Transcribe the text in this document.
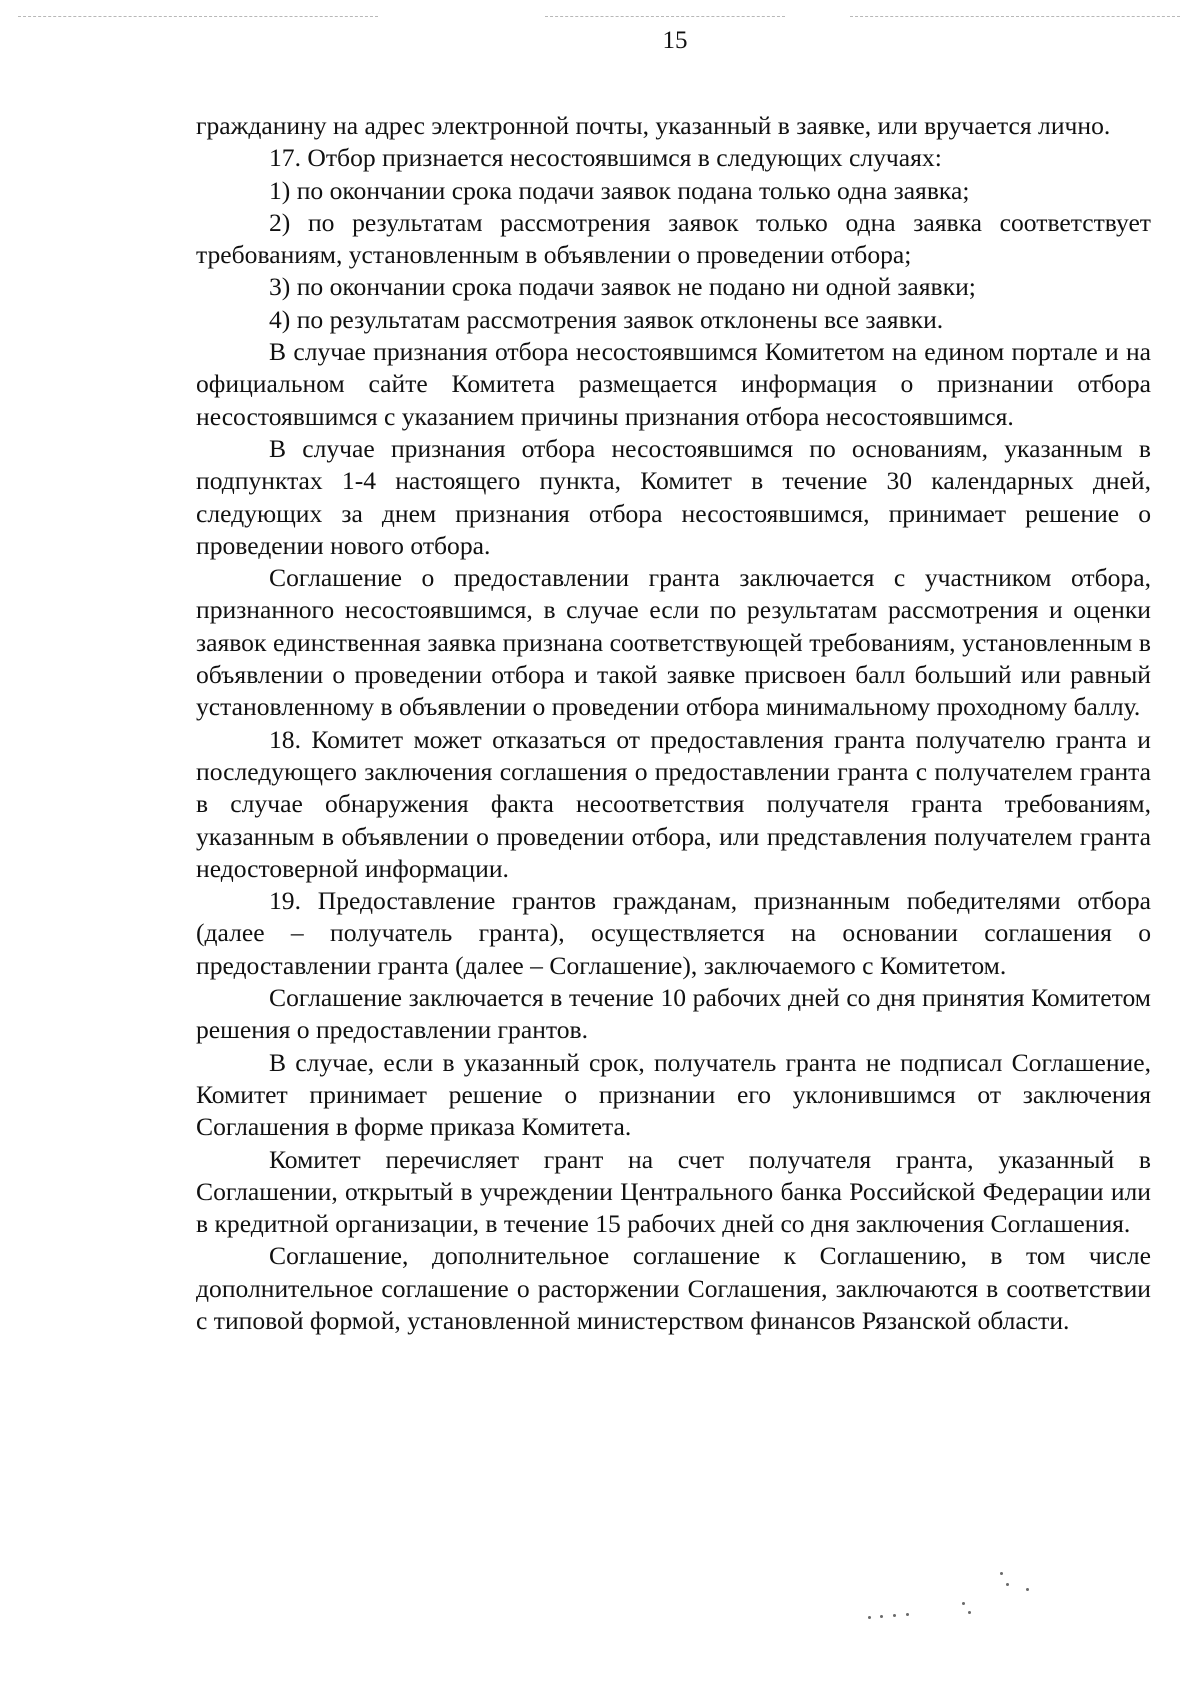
15

гражданину на адрес электронной почты, указанный в заявке, или вручается лично.

17. Отбор признается несостоявшимся в следующих случаях:

1) по окончании срока подачи заявок подана только одна заявка;

2) по результатам рассмотрения заявок только одна заявка соответствует требованиям, установленным в объявлении о проведении отбора;

3) по окончании срока подачи заявок не подано ни одной заявки;

4) по результатам рассмотрения заявок отклонены все заявки.

В случае признания отбора несостоявшимся Комитетом на едином портале и на официальном сайте Комитета размещается информация о признании отбора несостоявшимся с указанием причины признания отбора несостоявшимся.

В случае признания отбора несостоявшимся по основаниям, указанным в подпунктах 1-4 настоящего пункта, Комитет в течение 30 календарных дней, следующих за днем признания отбора несостоявшимся, принимает решение о проведении нового отбора.

Соглашение о предоставлении гранта заключается с участником отбора, признанного несостоявшимся, в случае если по результатам рассмотрения и оценки заявок единственная заявка признана соответствующей требованиям, установленным в объявлении о проведении отбора и такой заявке присвоен балл больший или равный установленному в объявлении о проведении отбора минимальному проходному баллу.

18. Комитет может отказаться от предоставления гранта получателю гранта и последующего заключения соглашения о предоставлении гранта с получателем гранта в случае обнаружения факта несоответствия получателя гранта требованиям, указанным в объявлении о проведении отбора, или представления получателем гранта недостоверной информации.

19. Предоставление грантов гражданам, признанным победителями отбора (далее – получатель гранта), осуществляется на основании соглашения о предоставлении гранта (далее – Соглашение), заключаемого с Комитетом.

Соглашение заключается в течение 10 рабочих дней со дня принятия Комитетом решения о предоставлении грантов.

В случае, если в указанный срок, получатель гранта не подписал Соглашение, Комитет принимает решение о признании его уклонившимся от заключения Соглашения в форме приказа Комитета.

Комитет перечисляет грант на счет получателя гранта, указанный в Соглашении, открытый в учреждении Центрального банка Российской Федерации или в кредитной организации, в течение 15 рабочих дней со дня заключения Соглашения.

Соглашение, дополнительное соглашение к Соглашению, в том числе дополнительное соглашение о расторжении Соглашения, заключаются в соответствии с типовой формой, установленной министерством финансов Рязанской области.
